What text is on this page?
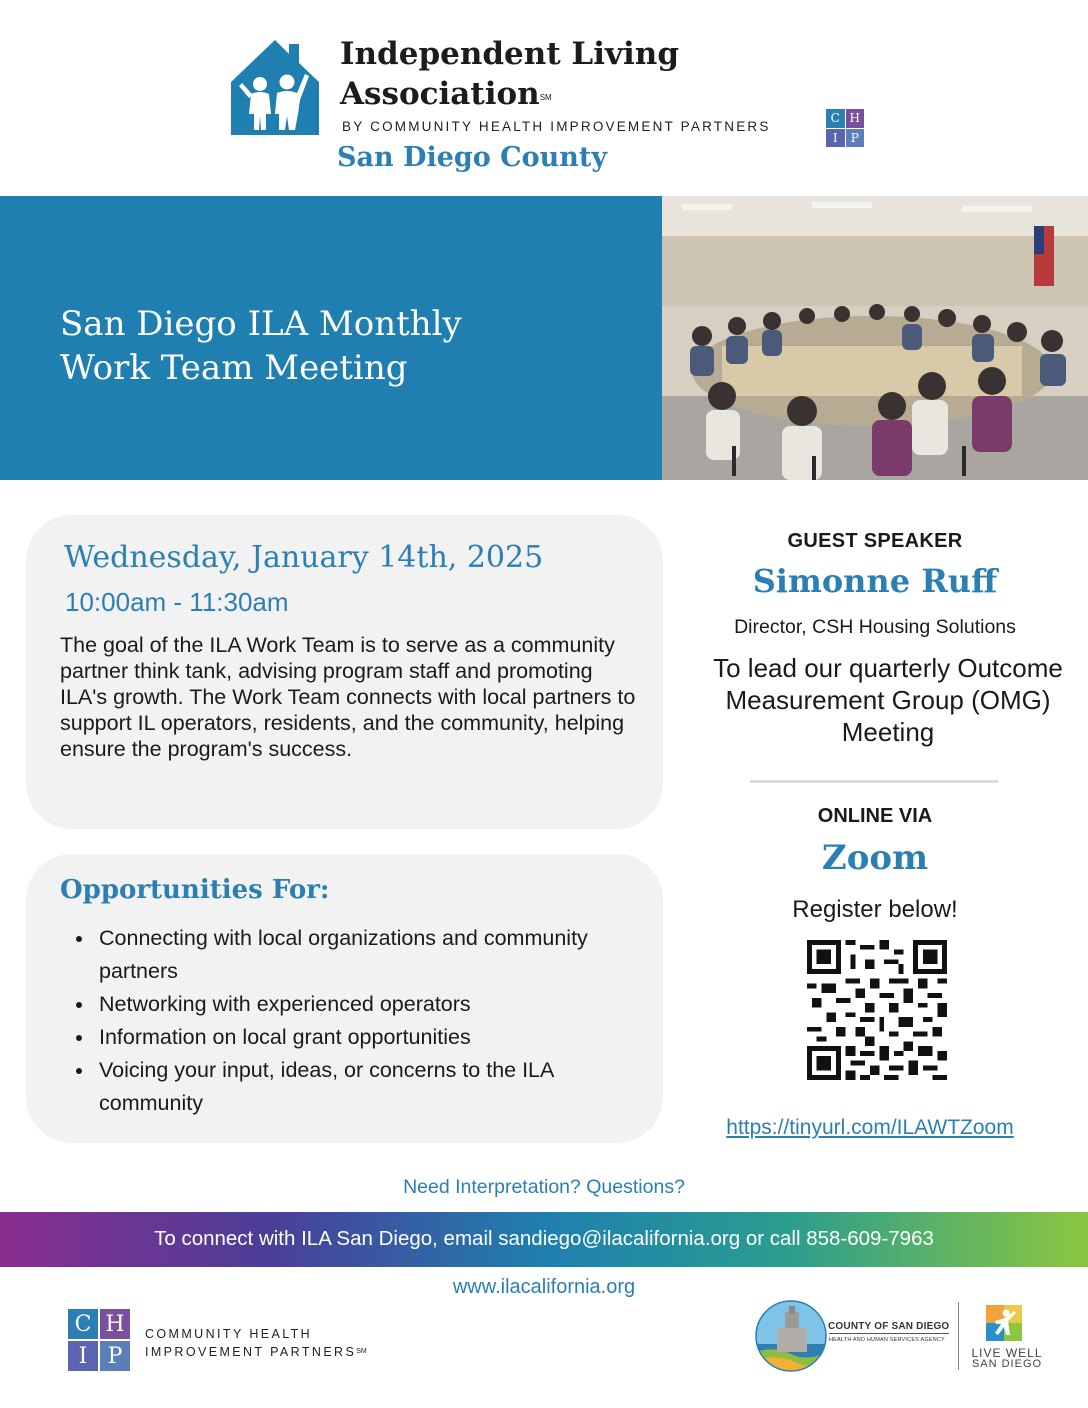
Independent Living
Association℠
BY COMMUNITY HEALTH IMPROVEMENT PARTNERS
C H
I	P
San Diego County
San Diego ILA Monthly
Work Team Meeting
Wednesday, January 14th, 2025
10:00am - 11:30am
The goal of the ILA Work Team is to serve as a community partner think tank, advising program staff and promoting ILA's growth. The Work Team connects with local partners to support IL operators, residents, and the community, helping ensure the program's success.
Opportunities For:
Connecting with local organizations and community partners
Networking with experienced operators
Information on local grant opportunities
Voicing your input, ideas, or concerns to the ILA community
GUEST SPEAKER
Simonne Ruff
Director, CSH Housing Solutions
To lead our quarterly Outcome Measurement Group (OMG) Meeting
ONLINE VIA
Zoom
Register below!
https://tinyurl.com/ILAWTZoom
Need Interpretation? Questions?
To connect with ILA San Diego, email sandiego@ilacalifornia.org or call 858-609-7963
www.ilacalifornia.org
C H
I P
COMMUNITY HEALTH
IMPROVEMENT PARTNERS℠
COUNTY OF SAN DIEGO
HEALTH AND HUMAN SERVICES AGENCY
LIVE WELL
SAN DIEGO
